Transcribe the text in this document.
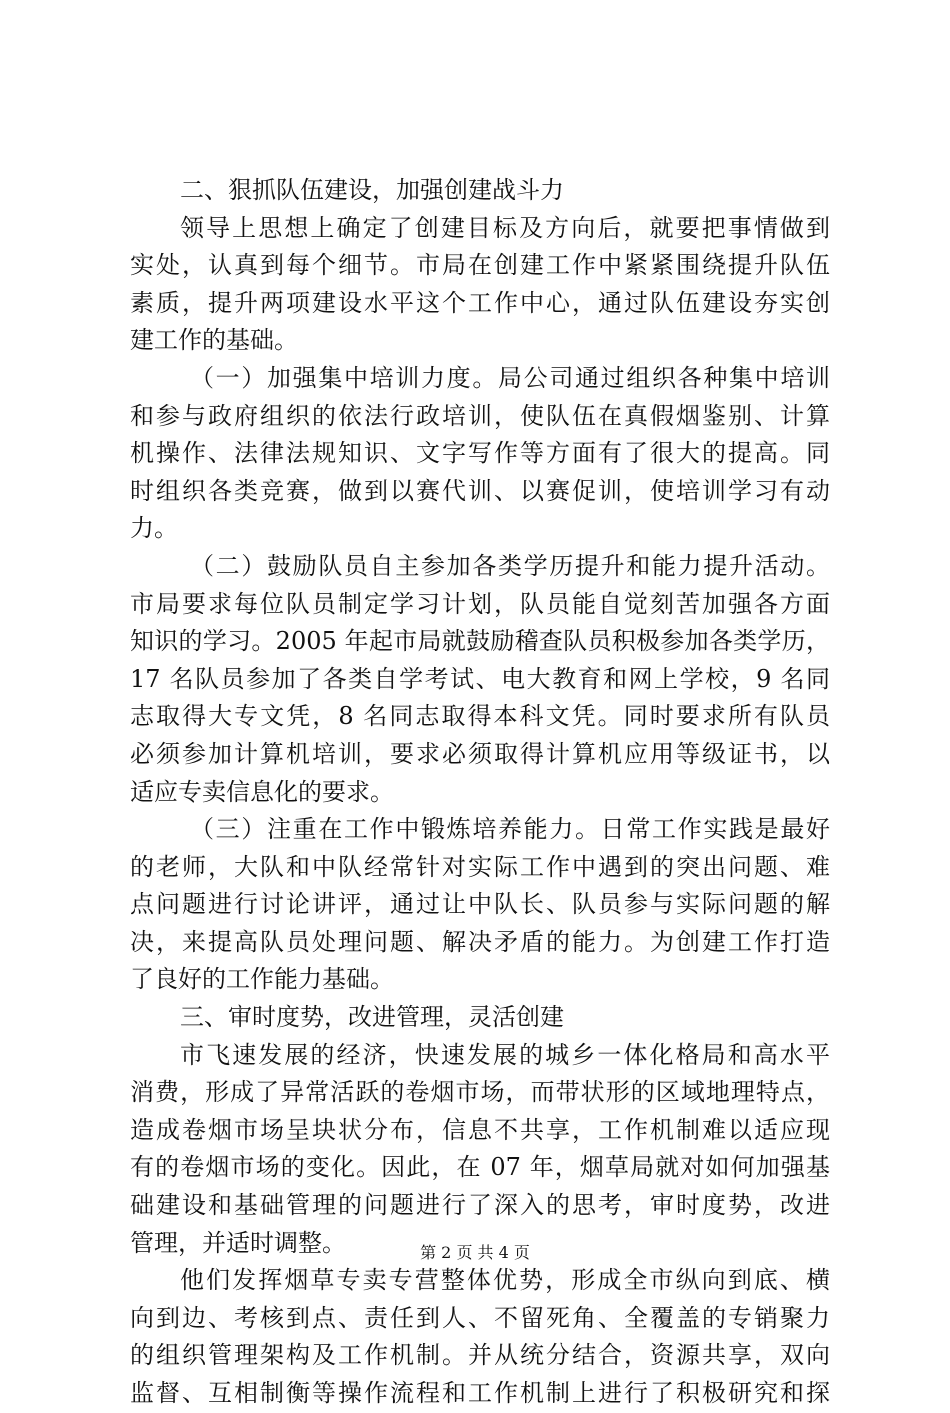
二、狠抓队伍建设，加强创建战斗力
领导上思想上确定了创建目标及方向后，就要把事情做到
实处，认真到每个细节。市局在创建工作中紧紧围绕提升队伍
素质，提升两项建设水平这个工作中心，通过队伍建设夯实创
建工作的基础。
（一）加强集中培训力度。局公司通过组织各种集中培训
和参与政府组织的依法行政培训，使队伍在真假烟鉴别、计算
机操作、法律法规知识、文字写作等方面有了很大的提高。同
时组织各类竞赛，做到以赛代训、以赛促训，使培训学习有动
力。
（二）鼓励队员自主参加各类学历提升和能力提升活动。
市局要求每位队员制定学习计划，队员能自觉刻苦加强各方面
知识的学习。2005 年起市局就鼓励稽查队员积极参加各类学历，
17 名队员参加了各类自学考试、电大教育和网上学校，9 名同
志取得大专文凭，8 名同志取得本科文凭。同时要求所有队员
必须参加计算机培训，要求必须取得计算机应用等级证书，以
适应专卖信息化的要求。
（三）注重在工作中锻炼培养能力。日常工作实践是最好
的老师，大队和中队经常针对实际工作中遇到的突出问题、难
点问题进行讨论讲评，通过让中队长、队员参与实际问题的解
决，来提高队员处理问题、解决矛盾的能力。为创建工作打造
了良好的工作能力基础。
三、审时度势，改进管理，灵活创建
市飞速发展的经济，快速发展的城乡一体化格局和高水平
消费，形成了异常活跃的卷烟市场，而带状形的区域地理特点，
造成卷烟市场呈块状分布，信息不共享，工作机制难以适应现
有的卷烟市场的变化。因此，在 07 年，烟草局就对如何加强基
础建设和基础管理的问题进行了深入的思考，审时度势，改进
管理，并适时调整。
他们发挥烟草专卖专营整体优势，形成全市纵向到底、横
向到边、考核到点、责任到人、不留死角、全覆盖的专销聚力
的组织管理架构及工作机制。并从统分结合，资源共享，双向
监督、互相制衡等操作流程和工作机制上进行了积极研究和探
第 2 页 共 4 页
